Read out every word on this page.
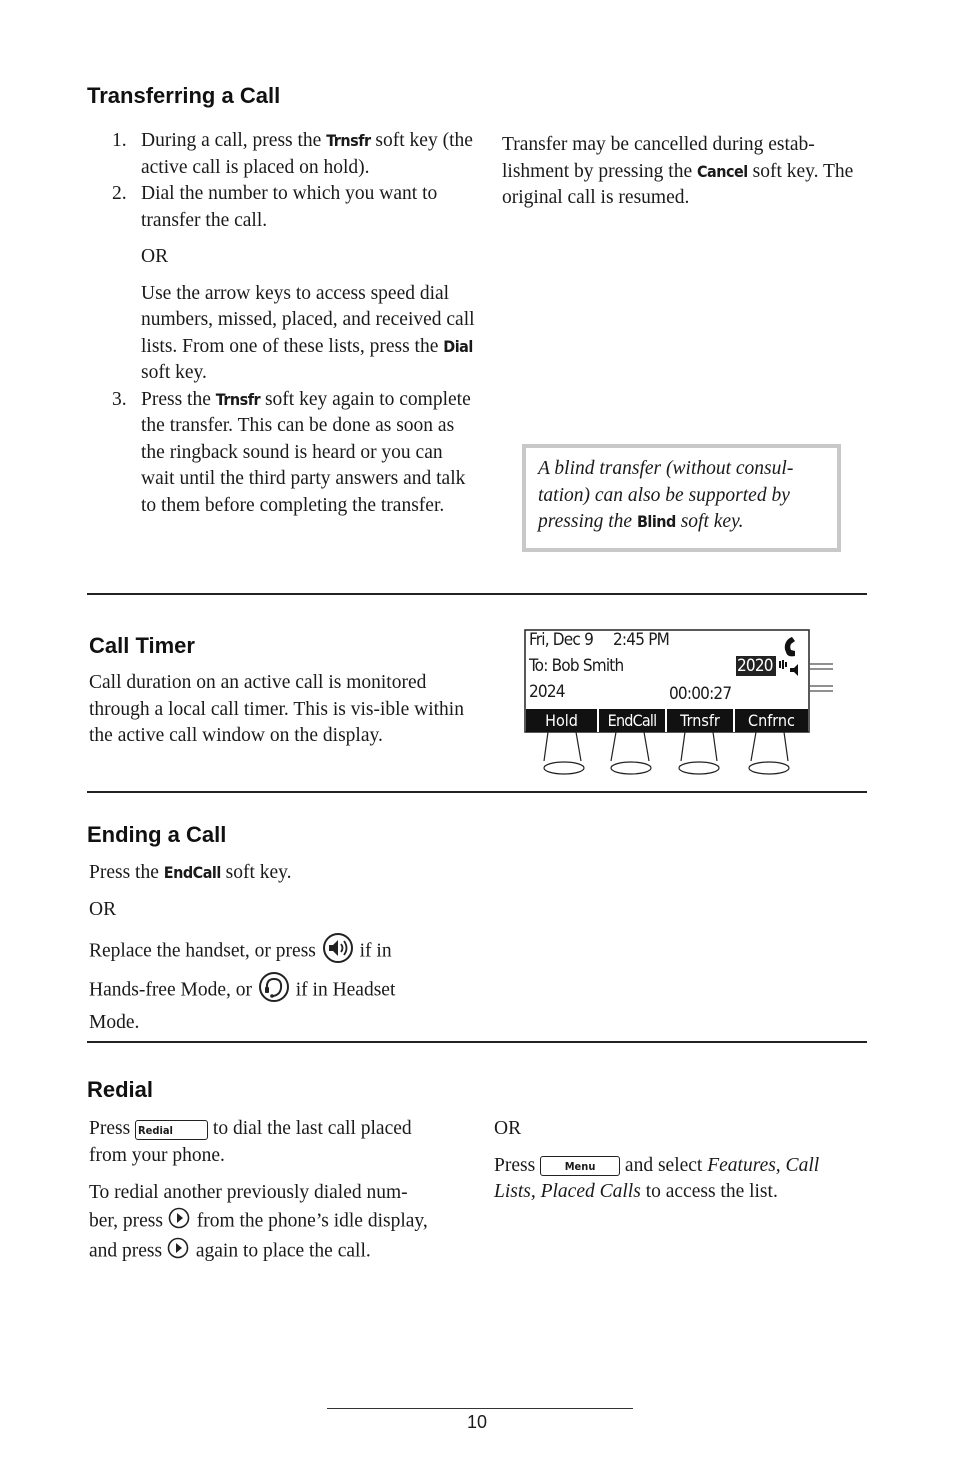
Transferring a Call
1. During a call, press the Trnsfr soft key (the active call is placed on hold).
2. Dial the number to which you want to transfer the call.
OR
Use the arrow keys to access speed dial numbers, missed, placed, and received call lists. From one of these lists, press the Dial soft key.
3. Press the Trnsfr soft key again to complete the transfer. This can be done as soon as the ringback sound is heard or you can wait until the third party answers and talk to them before completing the transfer.

Transfer may be cancelled during estab-lishment by pressing the Cancel soft key. The original call is resumed.

A blind transfer (without consul-tation) can also be supported by pressing the Blind soft key.
Call Timer

Call duration on an active call is monitored through a local call timer. This is vis-ible within the active call window on the display.

Fri, Dec 9 2:45 PM
To: Bob Smith	2020
2024	00:00:27
Hold	EndCall	Trnsfr	Cnfrnc
Ending a Call

Press the EndCall soft key.

OR

Replace the handset, or press  if in
Hands-free Mode, or  if in Headset
Mode.
Redial
Press Redial to dial the last call placed
from your phone.
To redial another previously dialed num-
ber, press  from the phone’s idle display,
and press  again to place the call.
OR
Press Menu and select Features, Call Lists, Placed Calls to access the list.
10
